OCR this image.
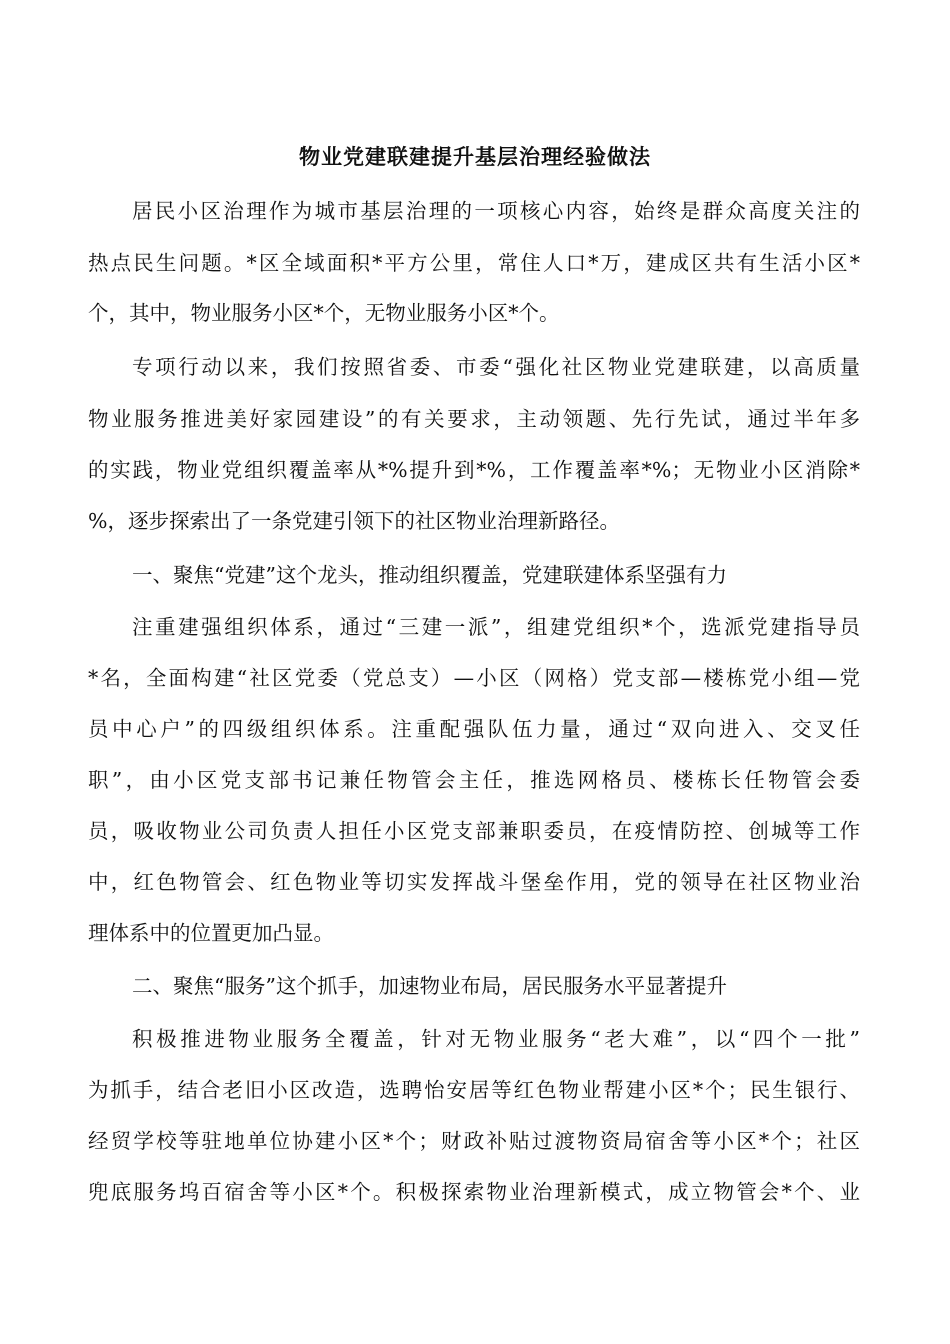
物业党建联建提升基层治理经验做法
居民小区治理作为城市基层治理的一项核心内容，始终是群众高度关注的
热点民生问题。*区全域面积*平方公里，常住人口*万，建成区共有生活小区*
个，其中，物业服务小区*个，无物业服务小区*个。
专项行动以来，我们按照省委、市委“强化社区物业党建联建，以高质量
物业服务推进美好家园建设”的有关要求，主动领题、先行先试，通过半年多
的实践，物业党组织覆盖率从*%提升到*%，工作覆盖率*%；无物业小区消除*
%，逐步探索出了一条党建引领下的社区物业治理新路径。
一、聚焦“党建”这个龙头，推动组织覆盖，党建联建体系坚强有力
注重建强组织体系，通过“三建一派”，组建党组织*个，选派党建指导员
*名，全面构建“社区党委（党总支）—小区（网格）党支部—楼栋党小组—党
员中心户”的四级组织体系。注重配强队伍力量，通过“双向进入、交叉任
职”，由小区党支部书记兼任物管会主任，推选网格员、楼栋长任物管会委
员，吸收物业公司负责人担任小区党支部兼职委员，在疫情防控、创城等工作
中，红色物管会、红色物业等切实发挥战斗堡垒作用，党的领导在社区物业治
理体系中的位置更加凸显。
二、聚焦“服务”这个抓手，加速物业布局，居民服务水平显著提升
积极推进物业服务全覆盖，针对无物业服务“老大难”，以“四个一批”
为抓手，结合老旧小区改造，选聘怡安居等红色物业帮建小区*个；民生银行、
经贸学校等驻地单位协建小区*个；财政补贴过渡物资局宿舍等小区*个；社区
兜底服务坞百宿舍等小区*个。积极探索物业治理新模式，成立物管会*个、业
